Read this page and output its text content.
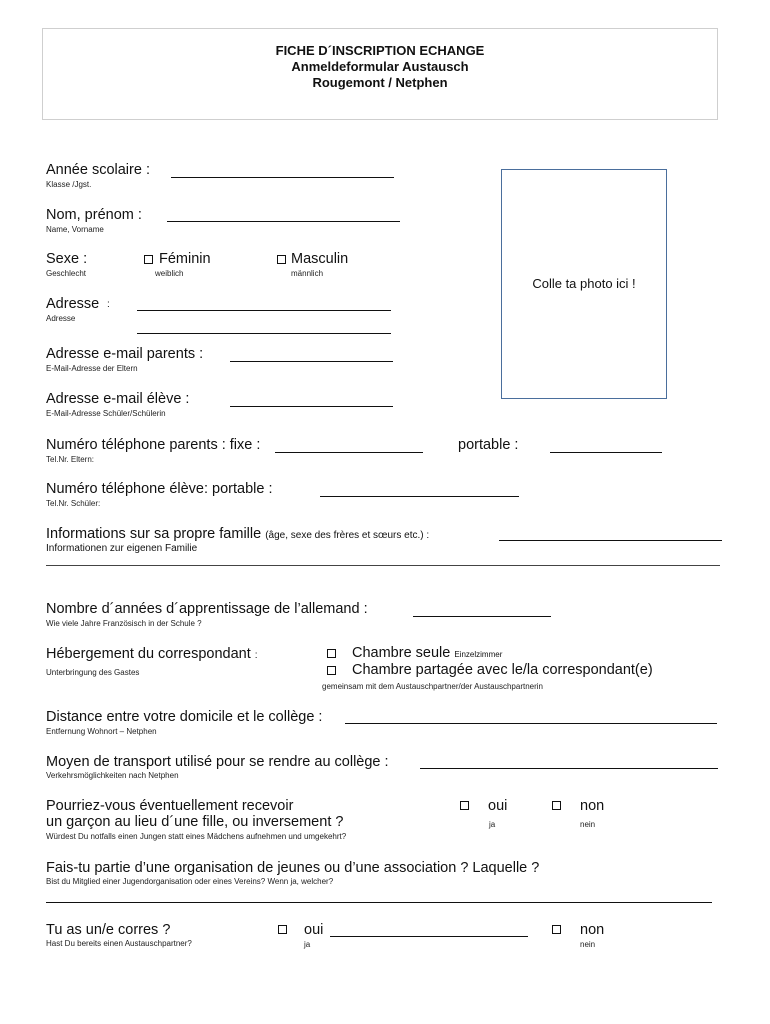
FICHE D´INSCRIPTION ECHANGE
Anmeldeformular Austausch
Rougemont / Netphen
Colle ta photo ici !
Année scolaire :
Klasse /Jgst.
Nom, prénom :
Name, Vorname
Sexe :
Geschlecht
Féminin
weiblich
Masculin
männlich
Adresse :
Adresse
Adresse e-mail parents :
E-Mail-Adresse der Eltern
Adresse e-mail élève :
E-Mail-Adresse Schüler/Schülerin
Numéro téléphone parents : fixe :	portable :
Tel.Nr. Eltern:
Numéro téléphone élève: portable :
Tel.Nr. Schüler:
Informations sur sa propre famille (âge, sexe des frères et sœurs etc.) :
Informationen zur eigenen Familie
Nombre d´années d´apprentissage de l’allemand :
Wie viele Jahre Französisch in der Schule ?
Hébergement du correspondant :
Unterbringung des Gastes
Chambre seule Einzelzimmer
Chambre partagée avec le/la correspondant(e)
gemeinsam mit dem Austauschpartner/der Austauschpartnerin
Distance entre votre domicile et le collège :
Entfernung Wohnort – Netphen
Moyen de transport utilisé pour se rendre au collège :
Verkehrsmöglichkeiten nach Netphen
Pourriez-vous éventuellement recevoir
un garçon au lieu d´une fille, ou inversement ?
Würdest Du notfalls einen Jungen statt eines Mädchens aufnehmen und umgekehrt?
oui
ja
non
nein
Fais-tu partie d’une organisation de jeunes ou d’une association ? Laquelle ?
Bist du Mitglied einer Jugendorganisation oder eines Vereins? Wenn ja, welcher?
Tu as un/e corres ?
Hast Du bereits einen Austauschpartner?
oui
ja
non
nein
